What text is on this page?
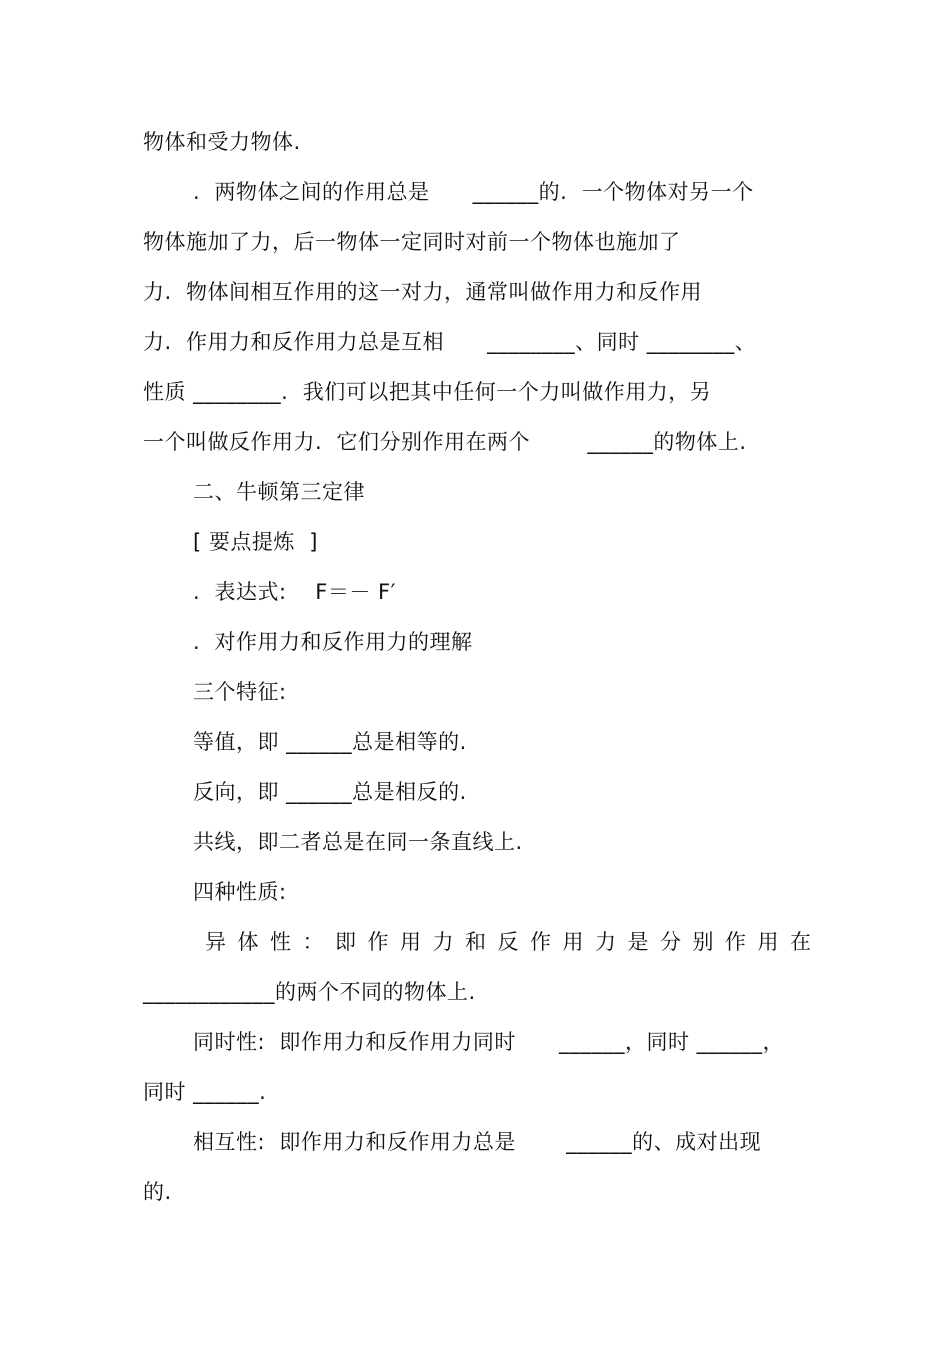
物体和受力物体.
.  两物体之间的作用总是      ______的.  一个物体对另一个
物体施加了力，后一物体一定同时对前一个物体也施加了
力.  物体间相互作用的这一对力，通常叫做作用力和反作用
力.  作用力和反作用力总是互相      ________、同时 ________、
性质 ________.  我们可以把其中任何一个力叫做作用力，另
一个叫做反作用力.  它们分别作用在两个        ______的物体上.
二、牛顿第三定律
[ 要点提炼  ]
.  表达式:    F＝－ F′
.  对作用力和反作用力的理解
三个特征:
等值，即 ______总是相等的.
反向，即 ______总是相反的.
共线，即二者总是在同一条直线上.
四种性质:
异体性：即作用力和反作用力是分别作用在
____________的两个不同的物体上.
同时性:  即作用力和反作用力同时      ______，同时 ______，
同时 ______.
相互性:  即作用力和反作用力总是       ______的、成对出现
的.
